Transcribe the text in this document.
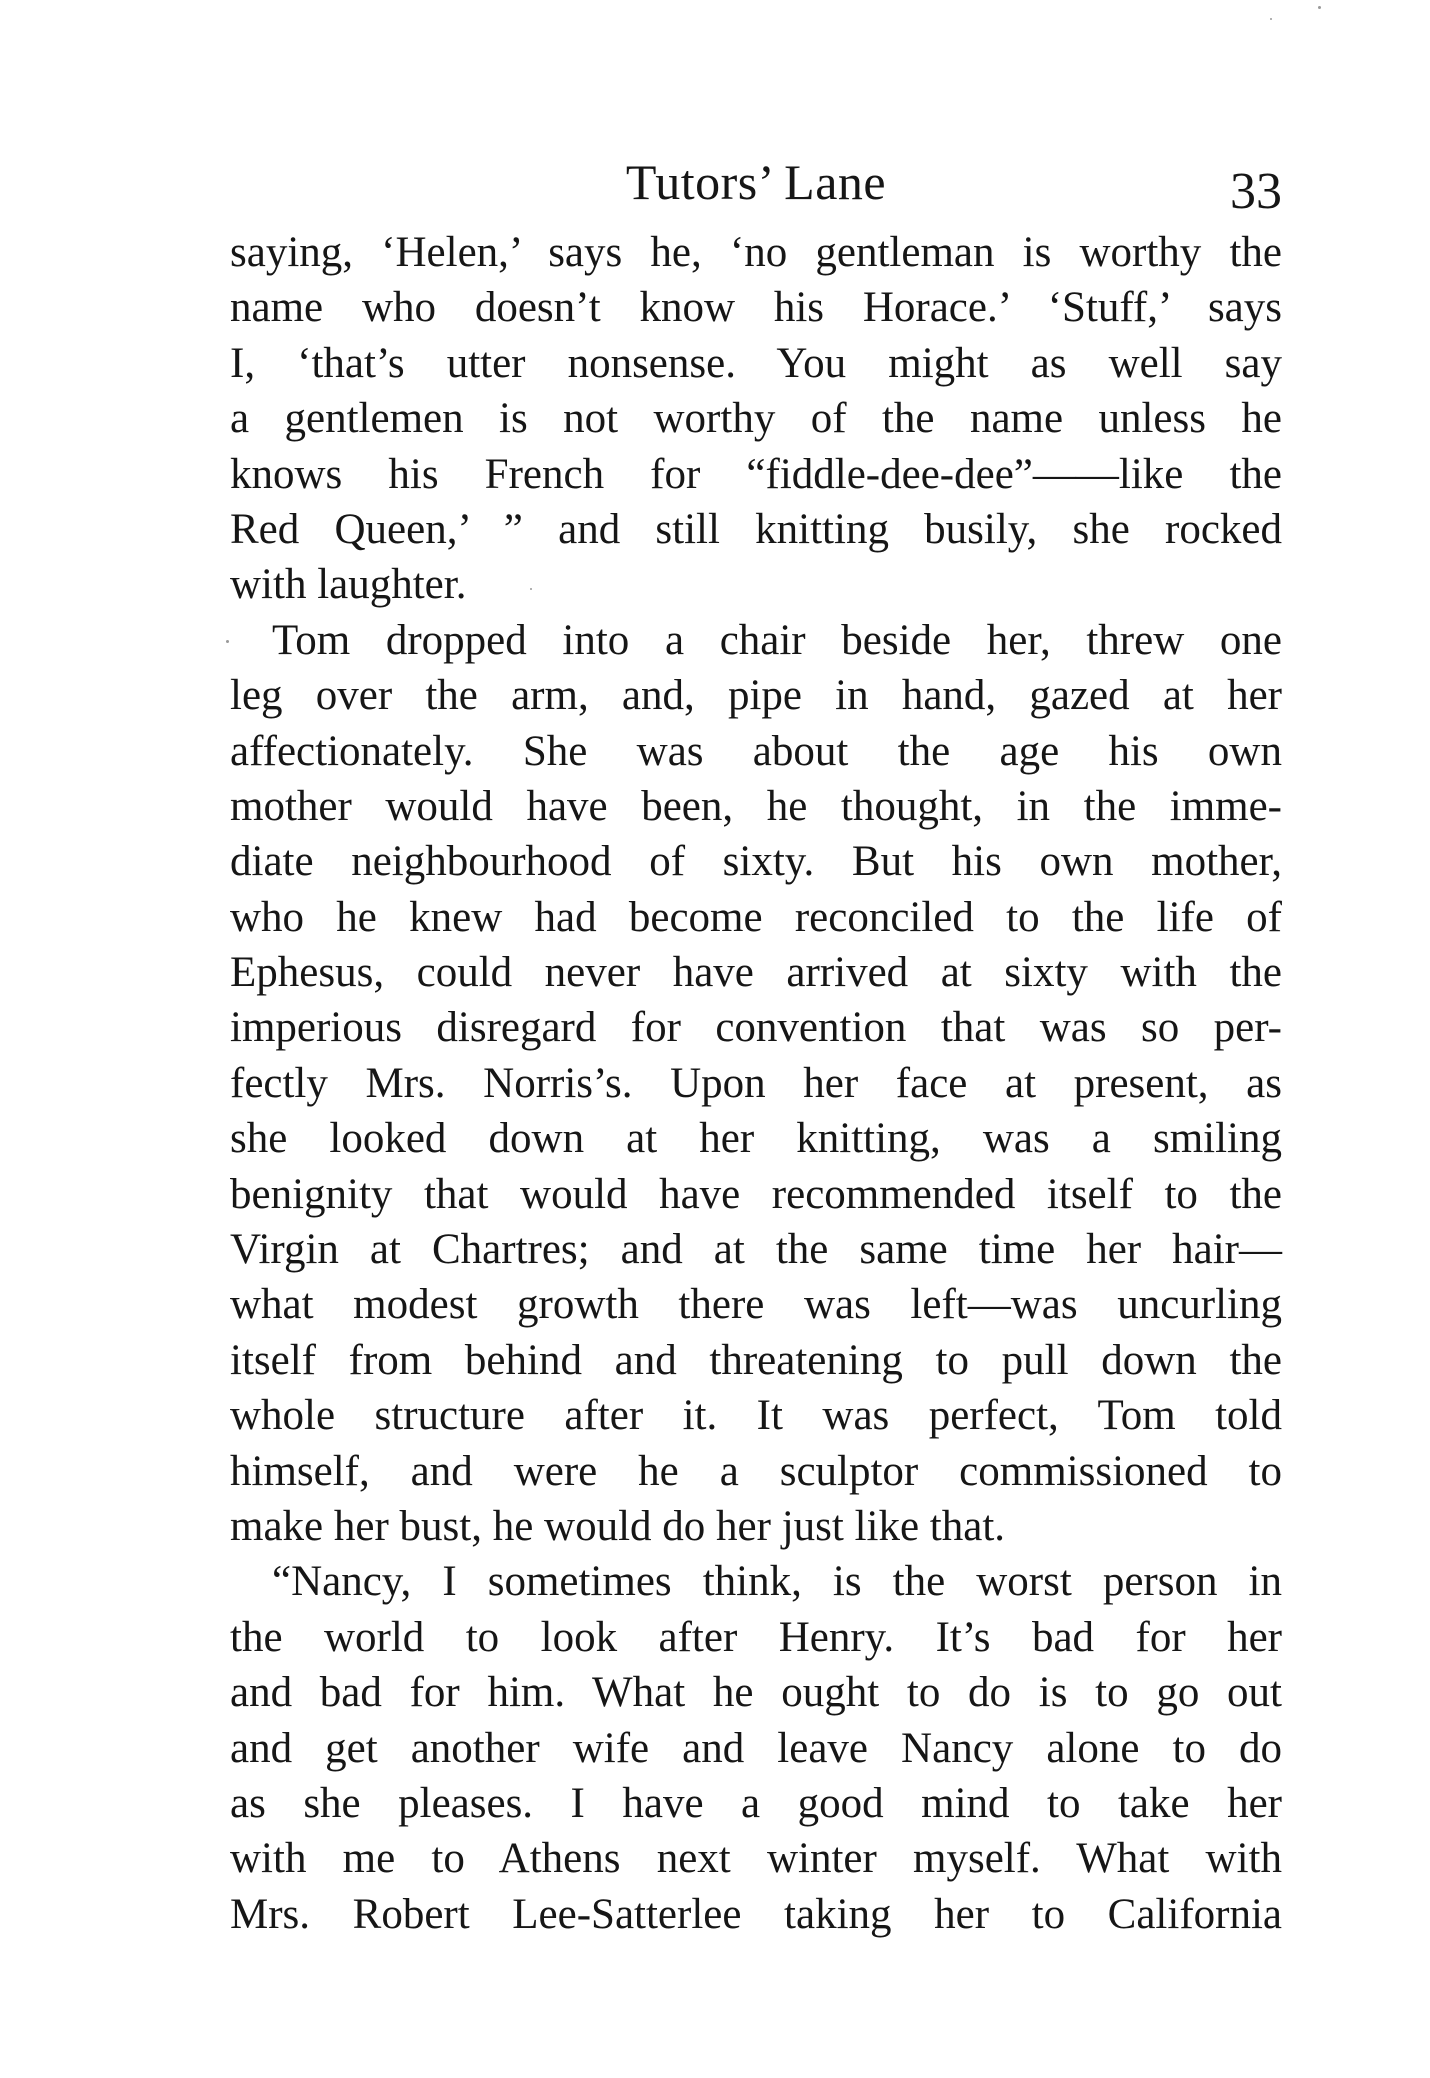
Tutors’ Lane	33
saying, ‘Helen,’ says he, ‘no gentleman is worthy the
name who doesn’t know his Horace.’ ‘Stuff,’ says
I, ‘that’s utter nonsense. You might as well say
a gentlemen is not worthy of the name unless he
knows his French for “fiddle-dee-dee”——like the
Red Queen,’ ” and still knitting busily, she rocked
with laughter.
Tom dropped into a chair beside her, threw one
leg over the arm, and, pipe in hand, gazed at her
affectionately. She was about the age his own
mother would have been, he thought, in the imme-
diate neighbourhood of sixty. But his own mother,
who he knew had become reconciled to the life of
Ephesus, could never have arrived at sixty with the
imperious disregard for convention that was so per-
fectly Mrs. Norris’s. Upon her face at present, as
she looked down at her knitting, was a smiling
benignity that would have recommended itself to the
Virgin at Chartres; and at the same time her hair—
what modest growth there was left—was uncurling
itself from behind and threatening to pull down the
whole structure after it. It was perfect, Tom told
himself, and were he a sculptor commissioned to
make her bust, he would do her just like that.
“Nancy, I sometimes think, is the worst person in
the world to look after Henry. It’s bad for her
and bad for him. What he ought to do is to go out
and get another wife and leave Nancy alone to do
as she pleases. I have a good mind to take her
with me to Athens next winter myself. What with
Mrs. Robert Lee-Satterlee taking her to California
